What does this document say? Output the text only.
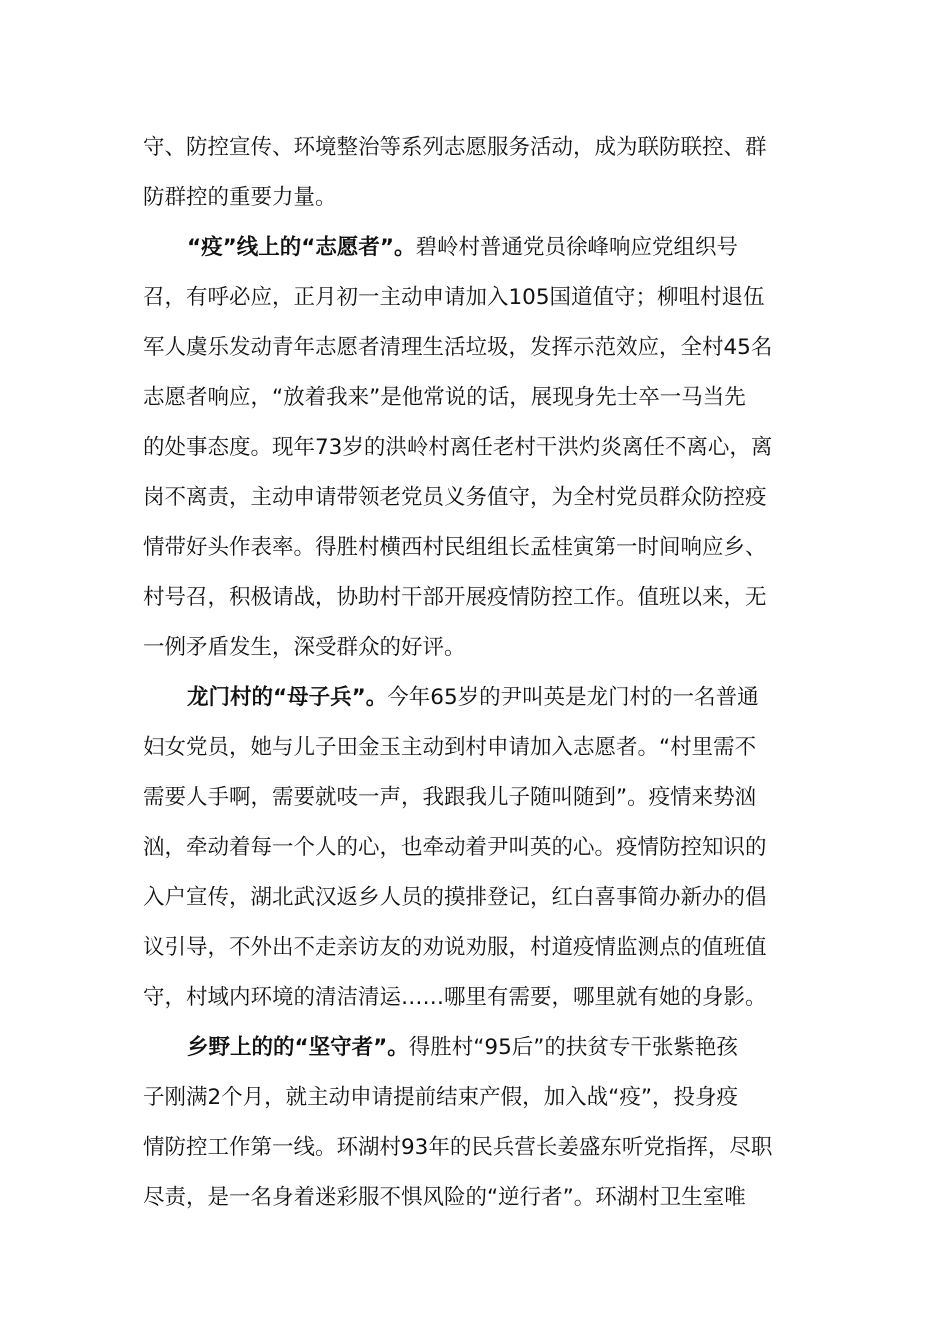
守、防控宣传、环境整治等系列志愿服务活动，成为联防联控、群
防群控的重要力量。
“疫”线上的“志愿者”。碧岭村普通党员徐峰响应党组织号
召，有呼必应，正月初一主动申请加入105国道值守；柳咀村退伍
军人虞乐发动青年志愿者清理生活垃圾，发挥示范效应，全村45名
志愿者响应，“放着我来”是他常说的话，展现身先士卒一马当先
的处事态度。现年73岁的洪岭村离任老村干洪灼炎离任不离心，离
岗不离责，主动申请带领老党员义务值守，为全村党员群众防控疫
情带好头作表率。得胜村横西村民组组长孟桂寅第一时间响应乡、
村号召，积极请战，协助村干部开展疫情防控工作。值班以来，无
一例矛盾发生，深受群众的好评。
龙门村的“母子兵”。今年65岁的尹叫英是龙门村的一名普通
妇女党员，她与儿子田金玉主动到村申请加入志愿者。“村里需不
需要人手啊，需要就吱一声，我跟我儿子随叫随到”。疫情来势汹
汹，牵动着每一个人的心，也牵动着尹叫英的心。疫情防控知识的
入户宣传，湖北武汉返乡人员的摸排登记，红白喜事简办新办的倡
议引导，不外出不走亲访友的劝说劝服，村道疫情监测点的值班值
守，村域内环境的清洁清运……哪里有需要，哪里就有她的身影。
乡野上的的“坚守者”。得胜村“95后”的扶贫专干张紫艳孩
子刚满2个月，就主动申请提前结束产假，加入战“疫”，投身疫
情防控工作第一线。环湖村93年的民兵营长姜盛东听党指挥，尽职
尽责，是一名身着迷彩服不惧风险的“逆行者”。环湖村卫生室唯
